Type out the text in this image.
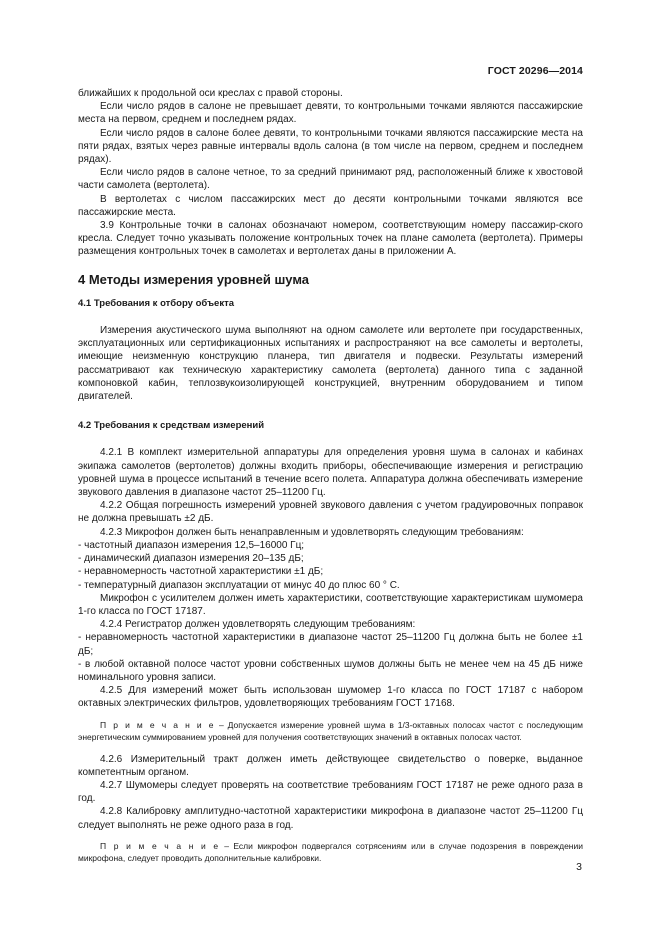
ГОСТ 20296—2014

ближайших к продольной оси креслах с правой стороны.

Если число рядов в салоне не превышает девяти, то контрольными точками являются пассажирские места на первом, среднем и последнем рядах.

Если число рядов в салоне более девяти, то контрольными точками являются пассажирские места на пяти рядах, взятых через равные интервалы вдоль салона (в том числе на первом, среднем и последнем рядах).

Если число рядов в салоне четное, то за средний принимают ряд, расположенный ближе к хвостовой части самолета (вертолета).

В вертолетах с числом пассажирских мест до десяти контрольными точками являются все пассажирские места.

3.9 Контрольные точки в салонах обозначают номером, соответствующим номеру пассажир-ского кресла. Следует точно указывать положение контрольных точек на плане самолета (вертолета). Примеры размещения контрольных точек в самолетах и вертолетах даны в приложении А.

4 Методы измерения уровней шума

4.1 Требования к отбору объекта

Измерения акустического шума выполняют на одном самолете или вертолете при государственных, эксплуатационных или сертификационных испытаниях и распространяют на все самолеты и вертолеты, имеющие неизменную конструкцию планера, тип двигателя и подвески. Результаты измерений рассматривают как техническую характеристику самолета (вертолета) данного типа с заданной компоновкой кабин, теплозвукоизолирующей конструкцией, внутренним оборудованием и типом двигателей.

4.2 Требования к средствам измерений

4.2.1 В комплект измерительной аппаратуры для определения уровня шума в салонах и кабинах экипажа самолетов (вертолетов) должны входить приборы, обеспечивающие измерения и регистрацию уровней шума в процессе испытаний в течение всего полета. Аппаратура должна обеспечивать измерение звукового давления в диапазоне частот 25–11200 Гц.

4.2.2 Общая погрешность измерений уровней звукового давления с учетом градуировочных поправок не должна превышать ±2 дБ.

4.2.3 Микрофон должен быть ненаправленным и удовлетворять следующим требованиям:

- частотный диапазон измерения 12,5–16000 Гц;

- динамический диапазон измерения 20–135 дБ;

- неравномерность частотной характеристики ±1 дБ;

- температурный диапазон эксплуатации от минус 40 до плюс 60 ° С.

Микрофон с усилителем должен иметь характеристики, соответствующие характеристикам шумомера 1-го класса по ГОСТ 17187.

4.2.4 Регистратор должен удовлетворять следующим требованиям:

- неравномерность частотной характеристики в диапазоне частот 25–11200 Гц должна быть не более ±1 дБ;

- в любой октавной полосе частот уровни собственных шумов должны быть не менее чем на 45 дБ ниже номинального уровня записи.

4.2.5 Для измерений может быть использован шумомер 1-го класса по ГОСТ 17187 с набором октавных электрических фильтров, удовлетворяющих требованиям ГОСТ 17168.

П р и м е ч а н и е – Допускается измерение уровней шума в 1/3-октавных полосах частот с последующим энергетическим суммированием уровней для получения соответствующих значений в октавных полосах частот.

4.2.6 Измерительный тракт должен иметь действующее свидетельство о поверке, выданное компетентным органом.

4.2.7 Шумомеры следует проверять на соответствие требованиям ГОСТ 17187 не реже одного раза в год.

4.2.8 Калибровку амплитудно-частотной характеристики микрофона в диапазоне частот 25–11200 Гц следует выполнять не реже одного раза в год.

П р и м е ч а н и е – Если микрофон подвергался сотрясениям или в случае подозрения в повреждении микрофона, следует проводить дополнительные калибровки.

3
